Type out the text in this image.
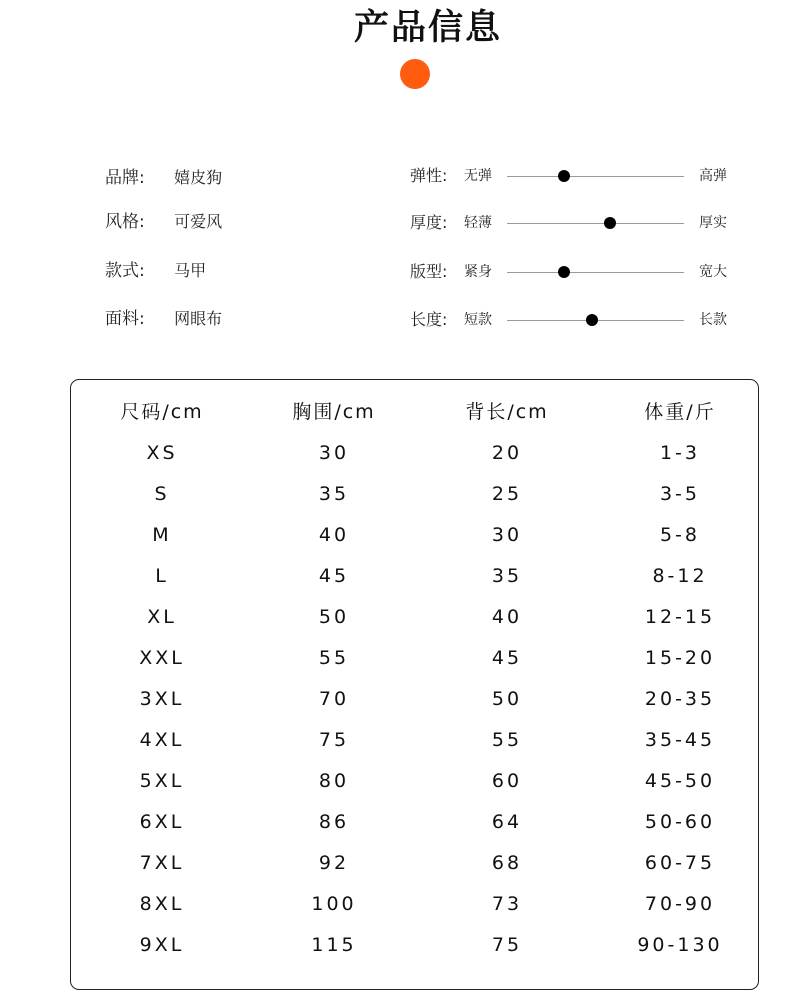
产品信息
品牌: 嬉皮狗
风格: 可爱风
款式: 马甲
面料: 网眼布
弹性: 无弹	高弹
厚度: 轻薄	厚实
版型: 紧身	宽大
长度: 短款	长款
尺码/cm	胸围/cm	背长/cm	体重/斤
XS	30	20	1-3
S	35	25	3-5
M	40	30	5-8
L	45	35	8-12
XL	50	40	12-15
XXL	55	45	15-20
3XL	70	50	20-35
4XL	75	55	35-45
5XL	80	60	45-50
6XL	86	64	50-60
7XL	92	68	60-75
8XL	100	73	70-90
9XL	115	75	90-130
